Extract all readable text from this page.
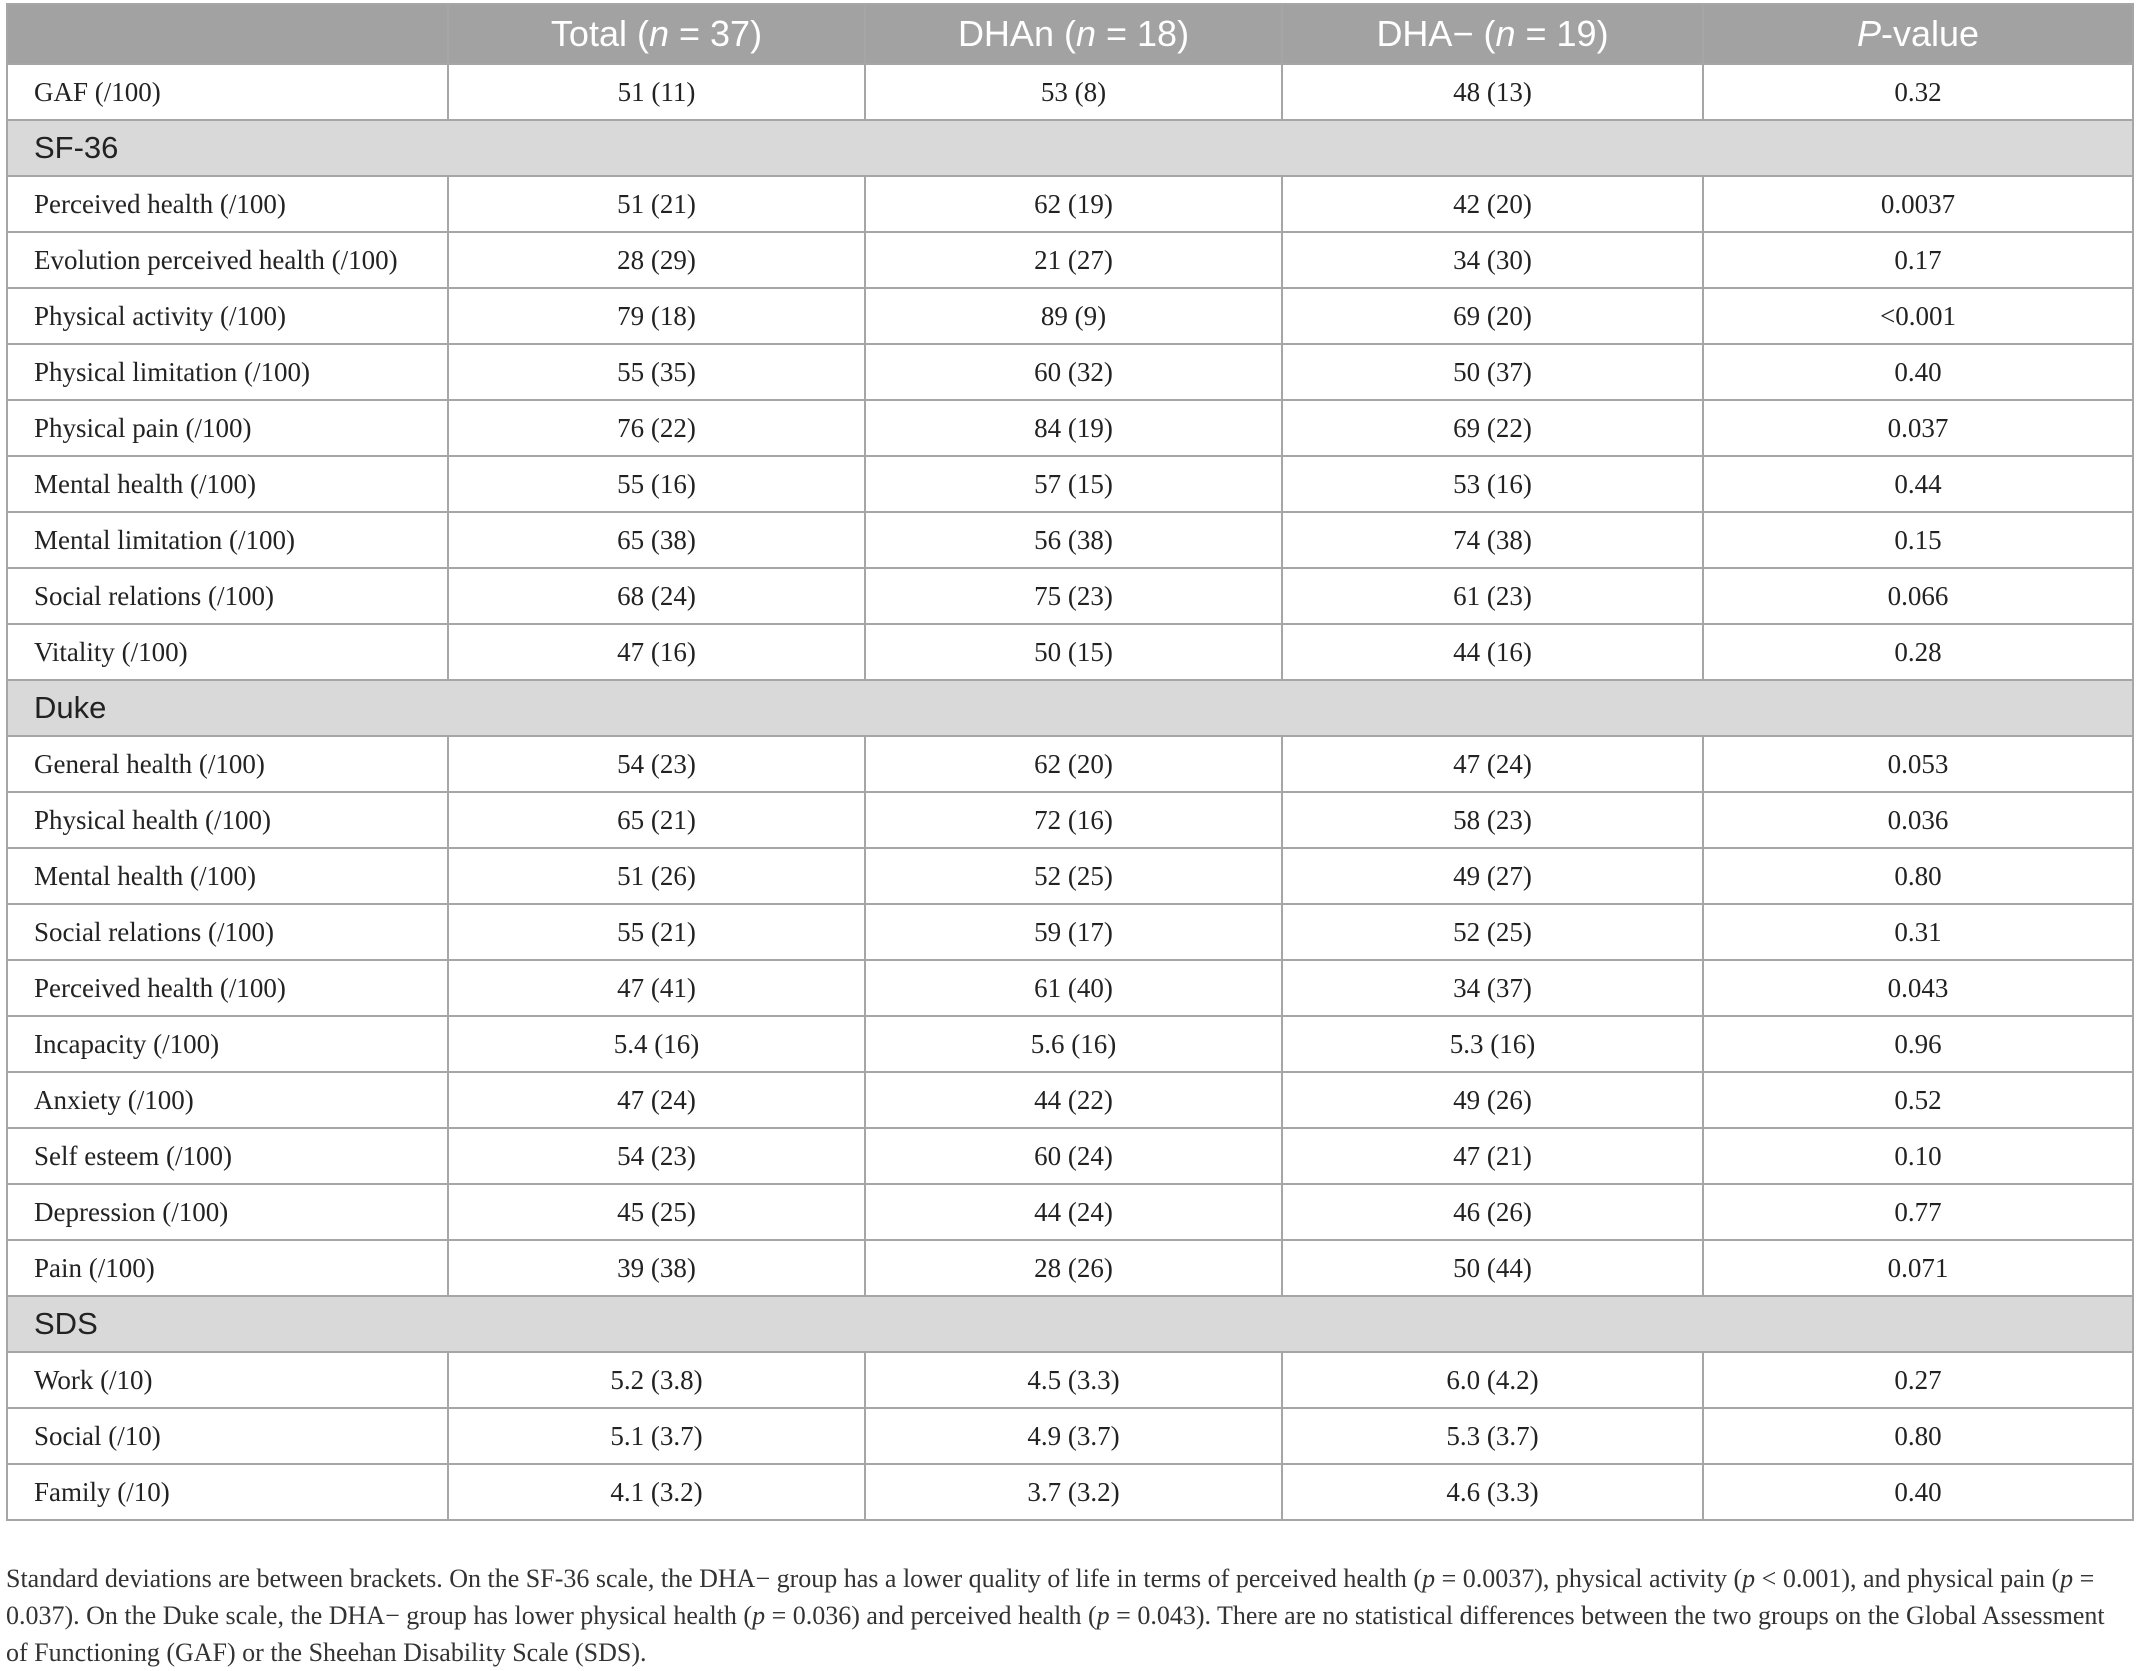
	Total (n = 37)	DHAn (n = 18)	DHA− (n = 19)	P-value
GAF (/100)	51 (11)	53 (8)	48 (13)	0.32
SF-36				
Perceived health (/100)	51 (21)	62 (19)	42 (20)	0.0037
Evolution perceived health (/100)	28 (29)	21 (27)	34 (30)	0.17
Physical activity (/100)	79 (18)	89 (9)	69 (20)	<0.001
Physical limitation (/100)	55 (35)	60 (32)	50 (37)	0.40
Physical pain (/100)	76 (22)	84 (19)	69 (22)	0.037
Mental health (/100)	55 (16)	57 (15)	53 (16)	0.44
Mental limitation (/100)	65 (38)	56 (38)	74 (38)	0.15
Social relations (/100)	68 (24)	75 (23)	61 (23)	0.066
Vitality (/100)	47 (16)	50 (15)	44 (16)	0.28
Duke				
General health (/100)	54 (23)	62 (20)	47 (24)	0.053
Physical health (/100)	65 (21)	72 (16)	58 (23)	0.036
Mental health (/100)	51 (26)	52 (25)	49 (27)	0.80
Social relations (/100)	55 (21)	59 (17)	52 (25)	0.31
Perceived health (/100)	47 (41)	61 (40)	34 (37)	0.043
Incapacity (/100)	5.4 (16)	5.6 (16)	5.3 (16)	0.96
Anxiety (/100)	47 (24)	44 (22)	49 (26)	0.52
Self esteem (/100)	54 (23)	60 (24)	47 (21)	0.10
Depression (/100)	45 (25)	44 (24)	46 (26)	0.77
Pain (/100)	39 (38)	28 (26)	50 (44)	0.071
SDS				
Work (/10)	5.2 (3.8)	4.5 (3.3)	6.0 (4.2)	0.27
Social (/10)	5.1 (3.7)	4.9 (3.7)	5.3 (3.7)	0.80
Family (/10)	4.1 (3.2)	3.7 (3.2)	4.6 (3.3)	0.40
Standard deviations are between brackets. On the SF-36 scale, the DHA− group has a lower quality of life in terms of perceived health (p = 0.0037), physical activity (p < 0.001), and physical pain (p = 0.037). On the Duke scale, the DHA− group has lower physical health (p = 0.036) and perceived health (p = 0.043). There are no statistical differences between the two groups on the Global Assessment of Functioning (GAF) or the Sheehan Disability Scale (SDS).
